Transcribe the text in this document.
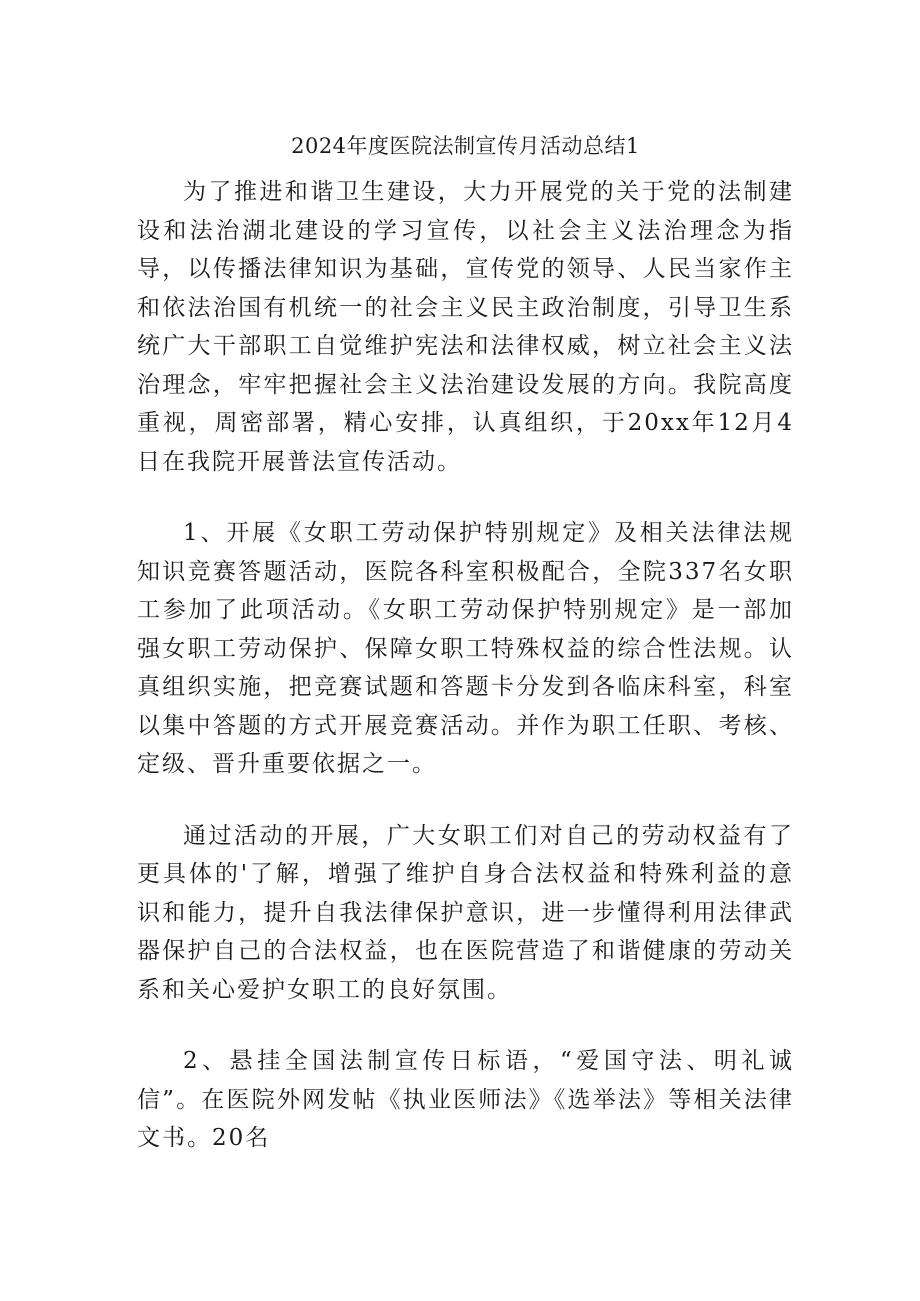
2024年度医院法制宣传月活动总结1

为了推进和谐卫生建设，大力开展党的关于党的法制建设和法治湖北建设的学习宣传，以社会主义法治理念为指导，以传播法律知识为基础，宣传党的领导、人民当家作主和依法治国有机统一的社会主义民主政治制度，引导卫生系统广大干部职工自觉维护宪法和法律权威，树立社会主义法治理念，牢牢把握社会主义法治建设发展的方向。我院高度重视，周密部署，精心安排，认真组织，于20xx年12月4日在我院开展普法宣传活动。

1、开展《女职工劳动保护特别规定》及相关法律法规知识竞赛答题活动，医院各科室积极配合，全院337名女职工参加了此项活动。《女职工劳动保护特别规定》是一部加强女职工劳动保护、保障女职工特殊权益的综合性法规。认真组织实施，把竞赛试题和答题卡分发到各临床科室，科室以集中答题的方式开展竞赛活动。并作为职工任职、考核、定级、晋升重要依据之一。

通过活动的开展，广大女职工们对自己的劳动权益有了更具体的'了解，增强了维护自身合法权益和特殊利益的意识和能力，提升自我法律保护意识，进一步懂得利用法律武器保护自己的合法权益，也在医院营造了和谐健康的劳动关系和关心爱护女职工的良好氛围。

2、悬挂全国法制宣传日标语，“爱国守法、明礼诚信”。在医院外网发帖《执业医师法》《选举法》等相关法律文书。20名
